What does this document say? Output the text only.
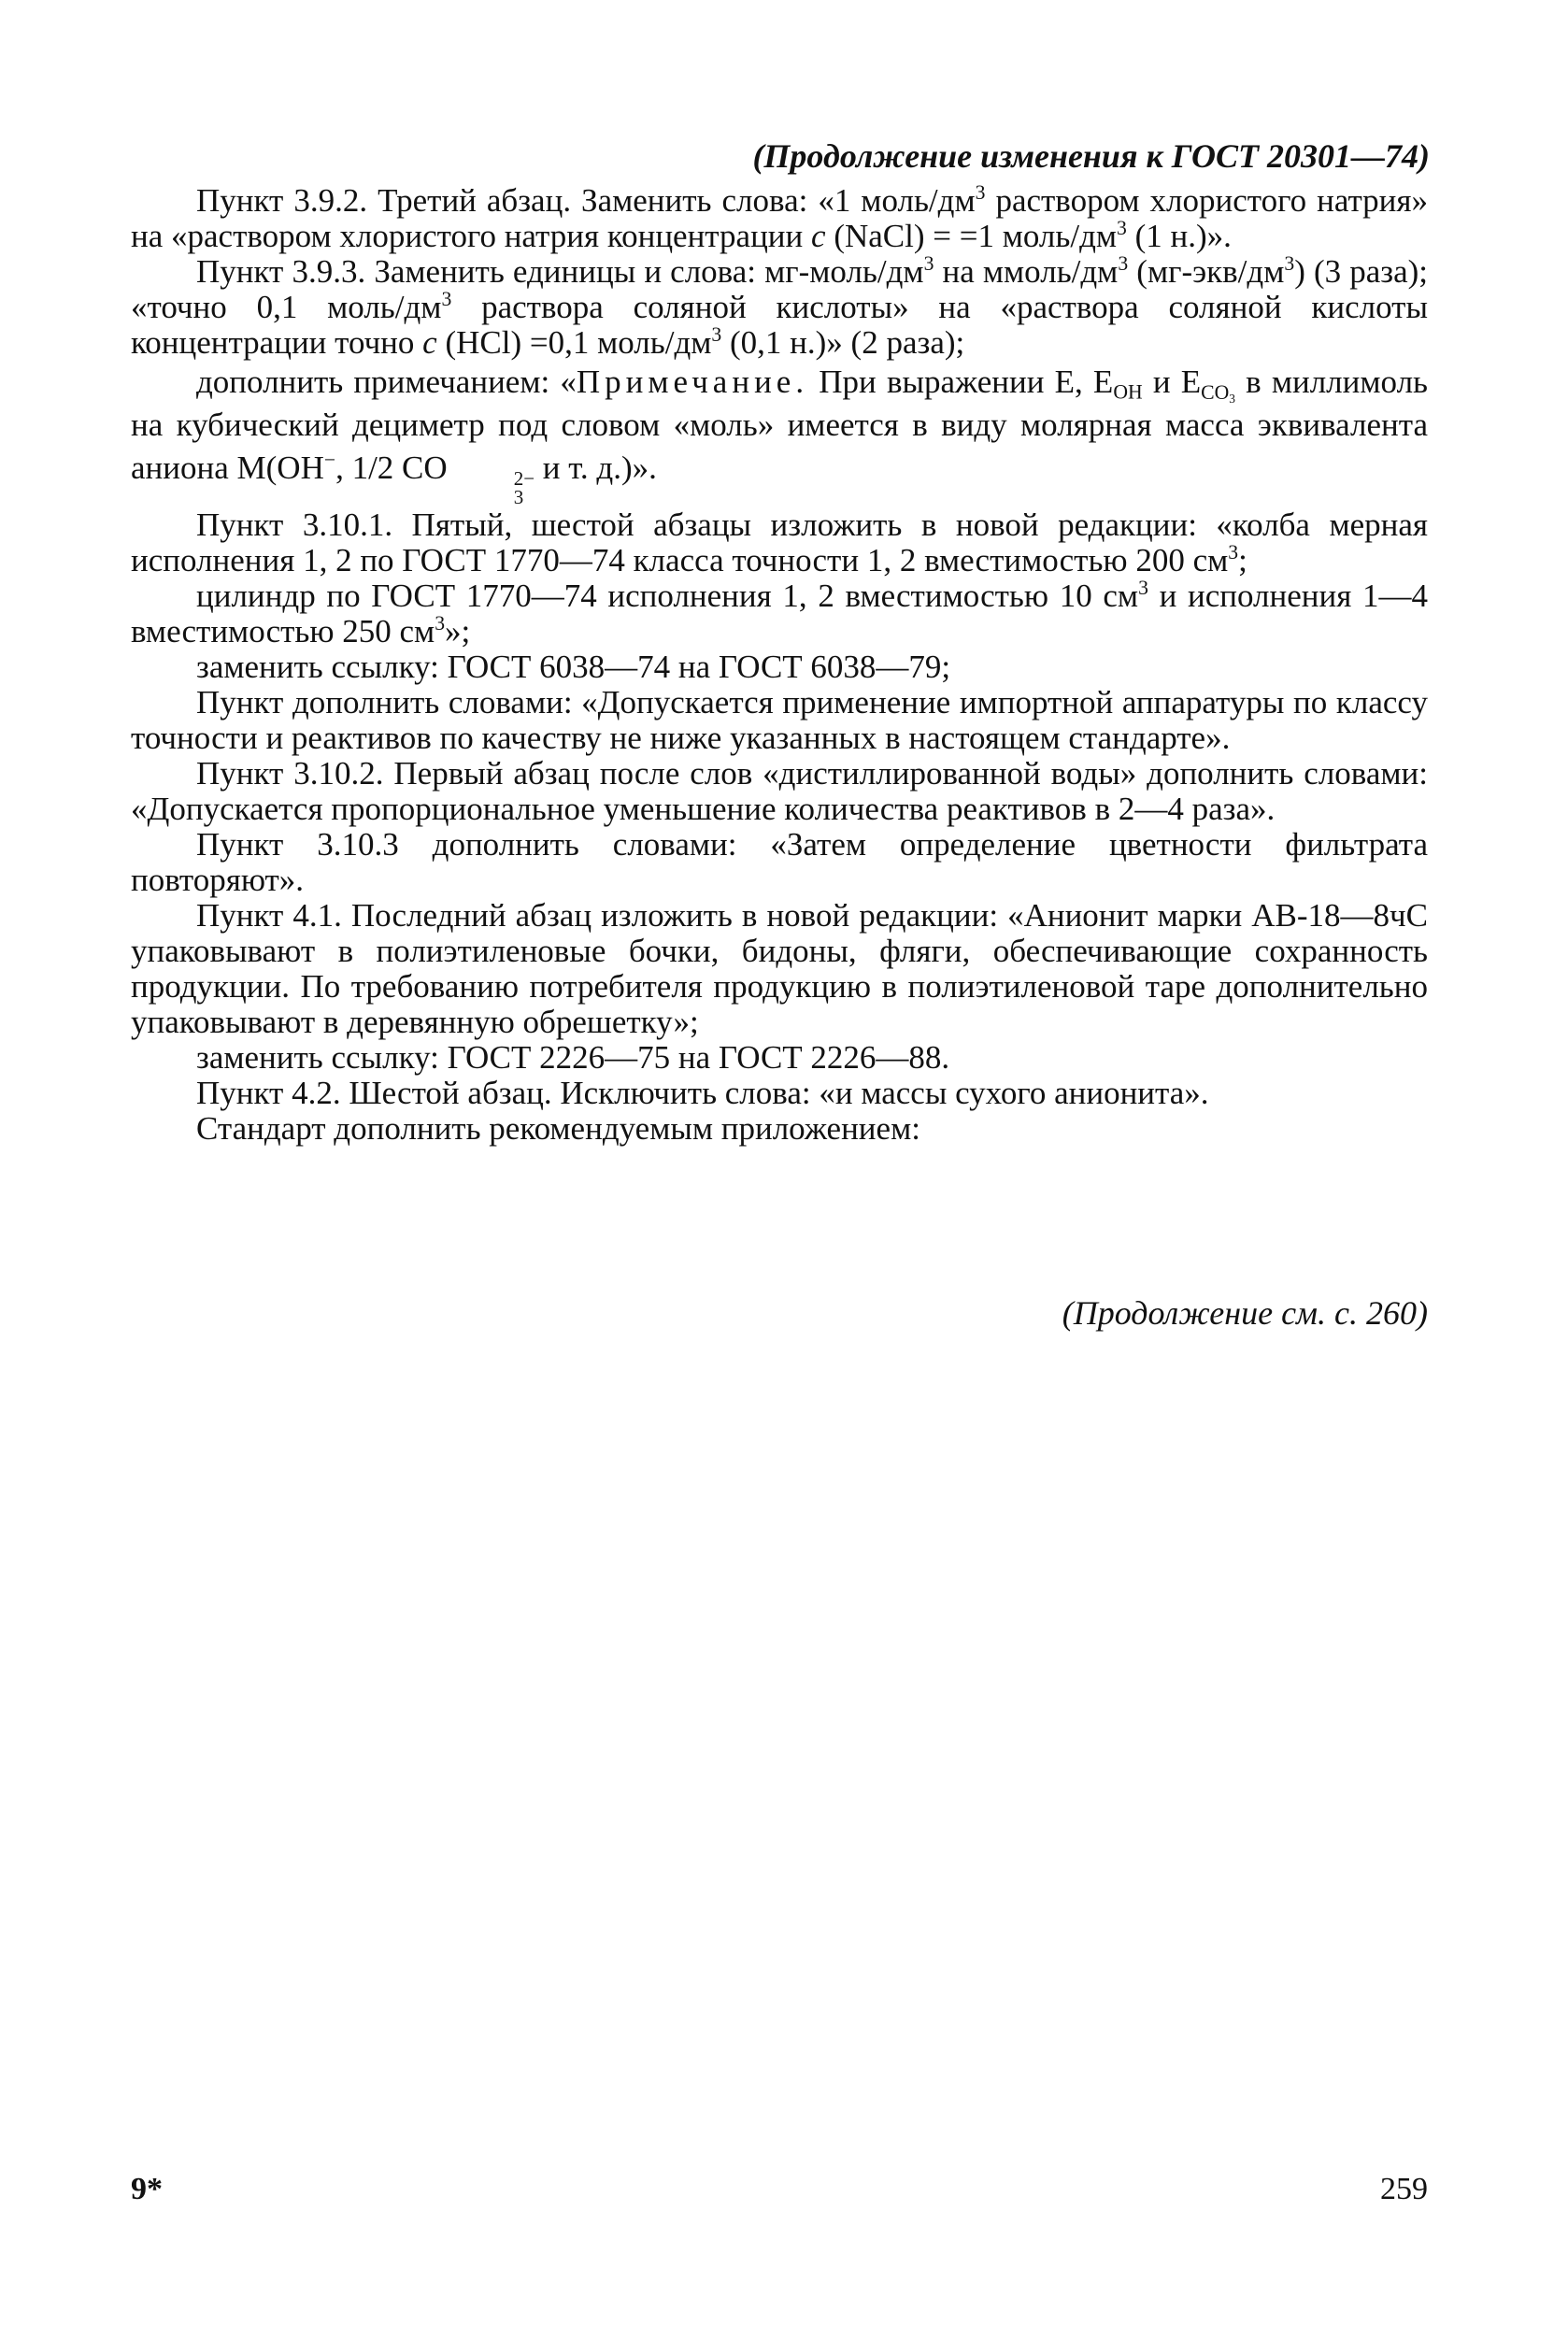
(Продолжение изменения к ГОСТ 20301—74)

Пункт 3.9.2. Третий абзац. Заменить слова: «1 моль/$дм^3$ раствором хлористого натрия» на «раствором хлористого натрия концентрации c (NaCl) = =1 моль/$дм^3$ (1 н.)».

Пункт 3.9.3. Заменить единицы и слова: $мг-моль/дм^3$ на ммоль/$дм^3$ $(мг-экв/дм^3)$ (3 раза); «точно 0,1 моль/$дм^3$ раствора соляной кислоты» на «раствора соляной кислоты концентрации точно c (HCl) =0,1 моль/$дм^3$ (0,1 н.)» (2 раза);

дополнить примечанием: «Примечание. При выражении E, $E_{OH}$ и $E_{CO_3}$ в миллимоль на кубический дециметр под словом «моль» имеется в виду молярная масса эквивалента аниона M(OH−, 1/2 CO	2−
3
и т. д.)».

Пункт 3.10.1. Пятый, шестой абзацы изложить в новой редакции: «колба мерная исполнения 1, 2 по ГОСТ 1770—74 класса точности 1, 2 вместимостью 200 $см^3$;

цилиндр по ГОСТ 1770—74 исполнения 1, 2 вместимостью 10 $см^3$ и исполнения 1—4 вместимостью 250 $см^3$»;

заменить ссылку: ГОСТ 6038—74 на ГОСТ 6038—79;

Пункт дополнить словами: «Допускается применение импортной аппаратуры по классу точности и реактивов по качеству не ниже указанных в настоящем стандарте».

Пункт 3.10.2. Первый абзац после слов «дистиллированной воды» дополнить словами: «Допускается пропорциональное уменьшение количества реактивов в 2—4 раза».

Пункт 3.10.3 дополнить словами: «Затем определение цветности фильтрата повторяют».

Пункт 4.1. Последний абзац изложить в новой редакции: «Анионит марки АВ-18—8чС упаковывают в полиэтиленовые бочки, бидоны, фляги, обеспечивающие сохранность продукции. По требованию потребителя продукцию в полиэтиленовой таре дополнительно упаковывают в деревянную обрешетку»;

заменить ссылку: ГОСТ 2226—75 на ГОСТ 2226—88.

Пункт 4.2. Шестой абзац. Исключить слова: «и массы сухого анионита».

Стандарт дополнить рекомендуемым приложением:

(Продолжение см. с. 260)
9*	259
